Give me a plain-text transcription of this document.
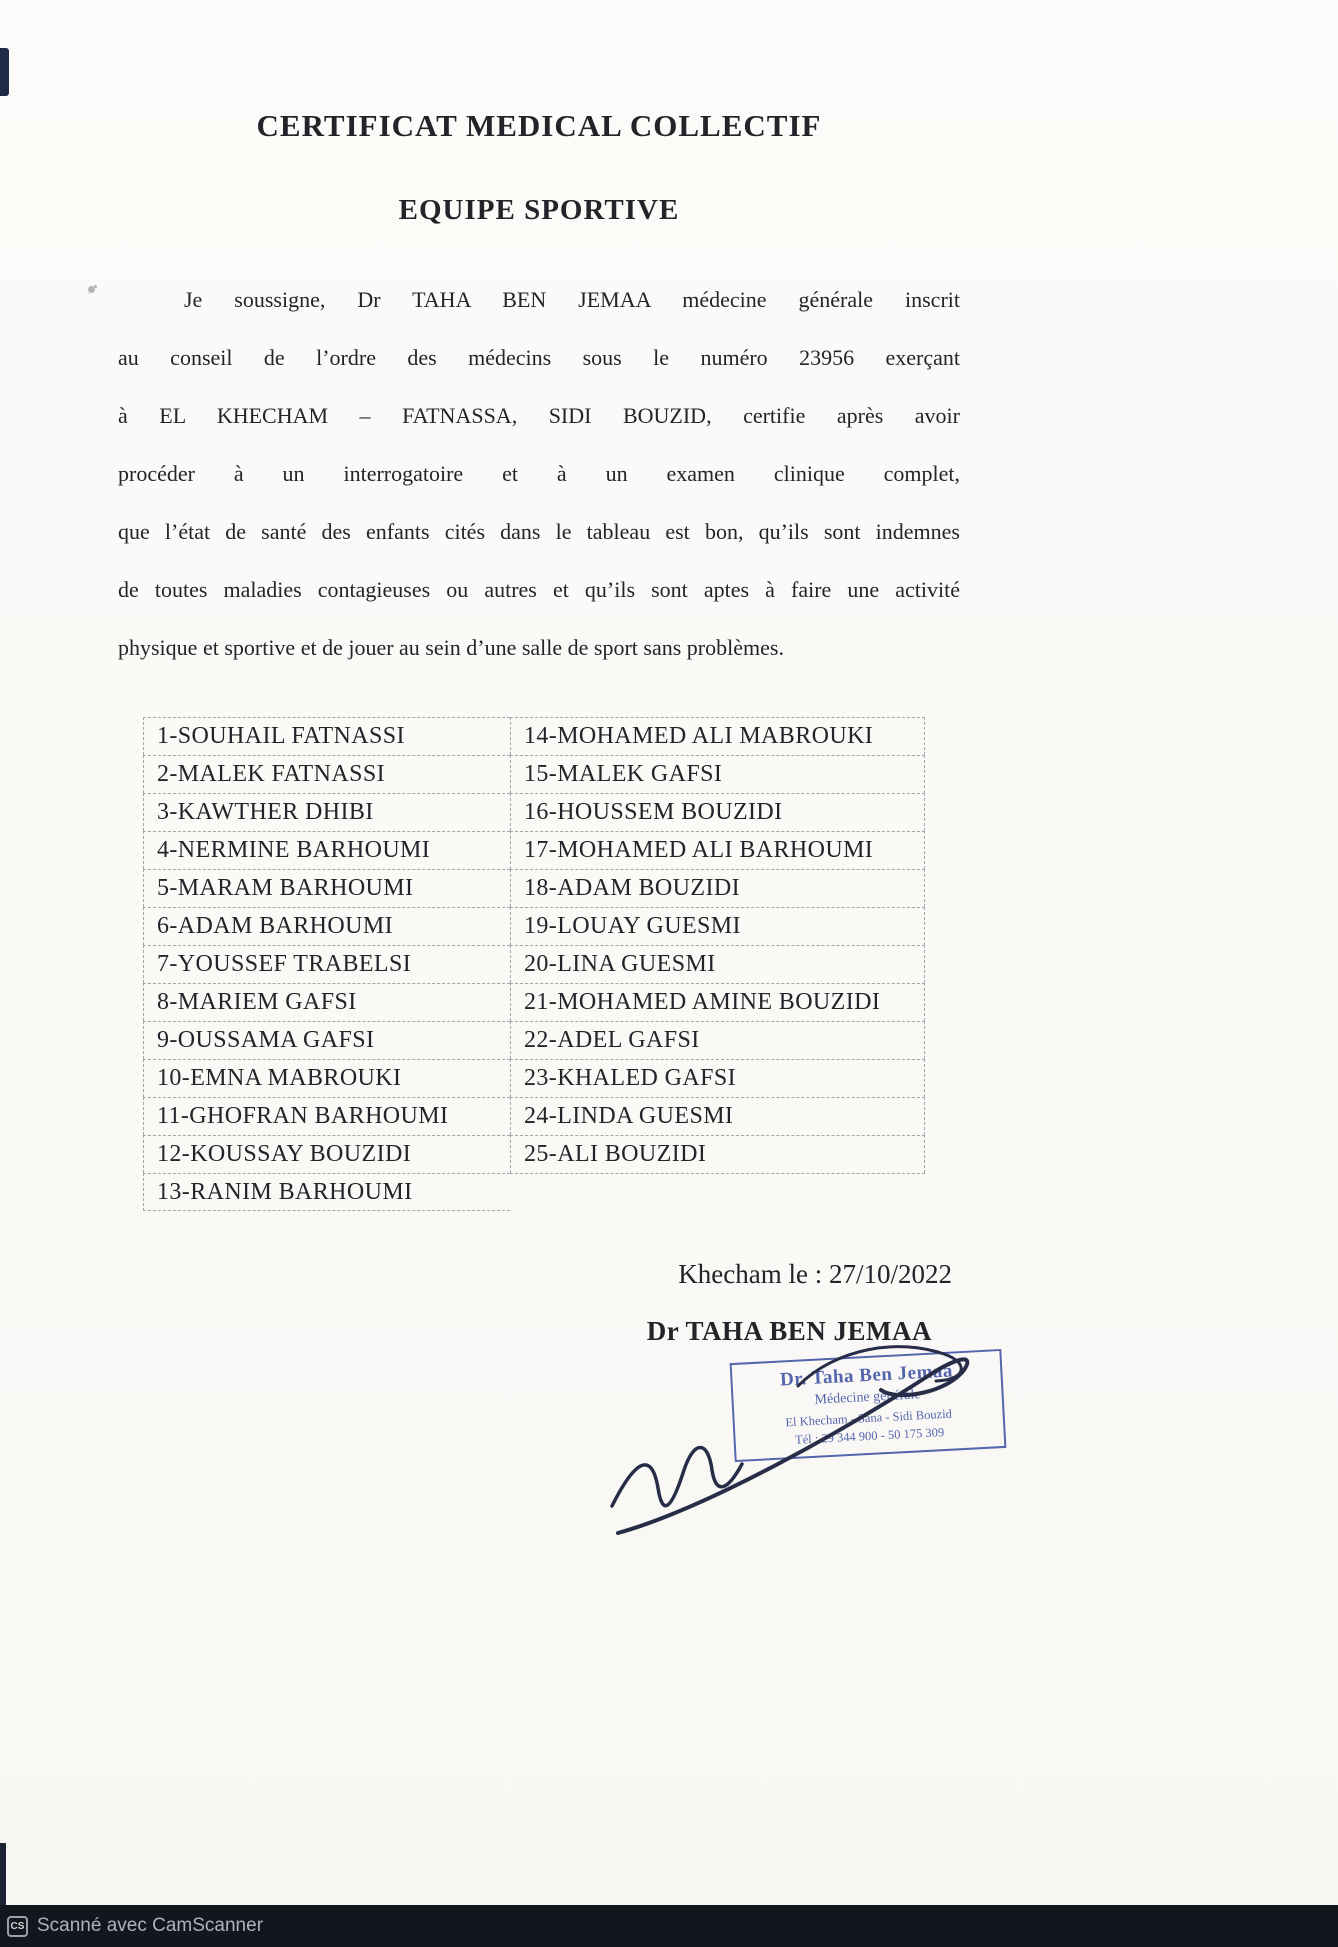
CERTIFICAT MEDICAL COLLECTIF
EQUIPE SPORTIVE
Je soussigne, Dr TAHA BEN JEMAA médecine générale inscrit
au conseil de l’ordre des médecins sous le numéro 23956 exerçant
à EL KHECHAM – FATNASSA, SIDI BOUZID, certifie après avoir
procéder à un interrogatoire et à un examen clinique complet,
que l’état de santé des enfants cités dans le tableau est bon, qu’ils sont indemnes
de toutes maladies contagieuses ou autres et qu’ils sont aptes à faire une activité
physique et sportive et de jouer au sein d’une salle de sport sans problèmes.
1-SOUHAIL FATNASSI	14-MOHAMED ALI MABROUKI
2-MALEK FATNASSI	15-MALEK GAFSI
3-KAWTHER DHIBI	16-HOUSSEM BOUZIDI
4-NERMINE BARHOUMI	17-MOHAMED ALI BARHOUMI
5-MARAM BARHOUMI	18-ADAM BOUZIDI
6-ADAM BARHOUMI	19-LOUAY GUESMI
7-YOUSSEF TRABELSI	20-LINA GUESMI
8-MARIEM GAFSI	21-MOHAMED AMINE BOUZIDI
9-OUSSAMA GAFSI	22-ADEL GAFSI
10-EMNA MABROUKI	23-KHALED GAFSI
11-GHOFRAN BARHOUMI	24-LINDA GUESMI
12-KOUSSAY BOUZIDI	25-ALI BOUZIDI
13-RANIM BARHOUMI
Khecham le : 27/10/2022
Dr TAHA BEN JEMAA
Dr. Taha Ben Jemaâ
Médecine générale
El Khecham - Sana - Sidi Bouzid
Tél : 29 344 900 - 50 175 309
CS Scanné avec CamScanner
